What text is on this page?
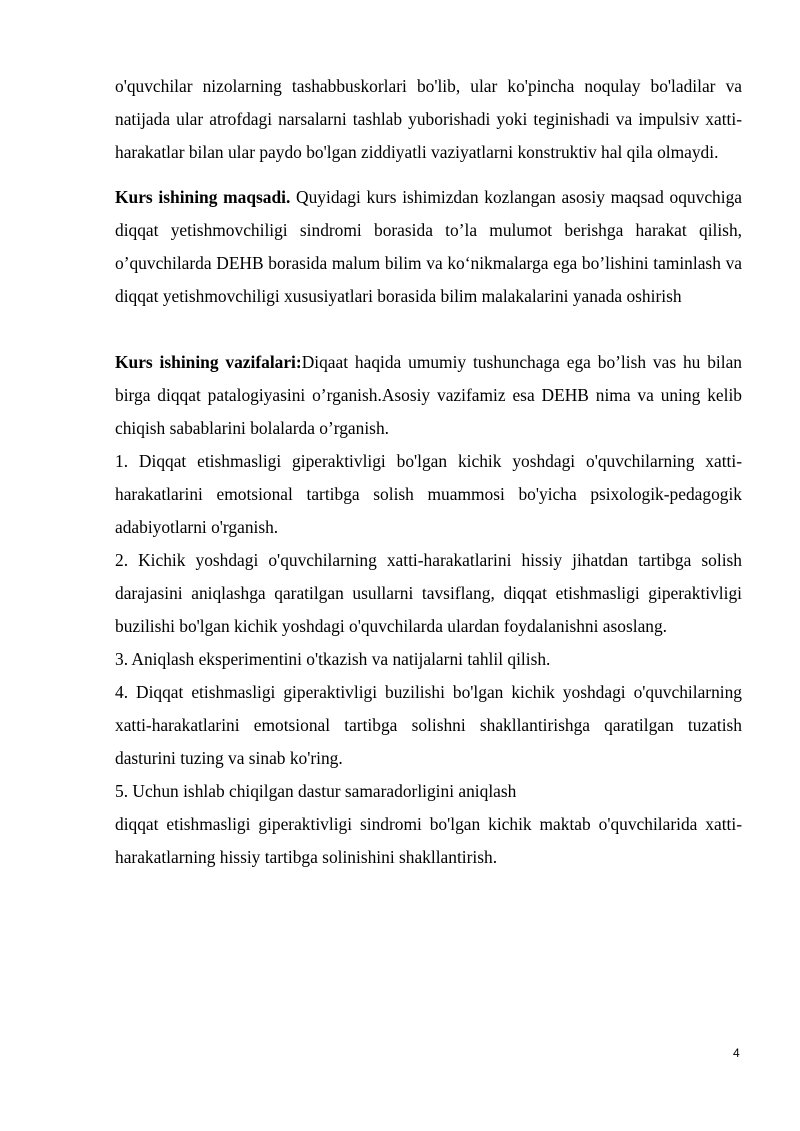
o'quvchilar nizolarning tashabbuskorlari bo'lib, ular ko'pincha noqulay bo'ladilar va natijada ular atrofdagi narsalarni tashlab yuborishadi yoki teginishadi va impulsiv xatti-harakatlar bilan ular paydo bo'lgan ziddiyatli vaziyatlarni konstruktiv hal qila olmaydi.

Kurs ishining maqsadi. Quyidagi kurs ishimizdan kozlangan asosiy maqsad oquvchiga diqqat yetishmovchiligi sindromi borasida to’la mulumot berishga harakat qilish, o’quvchilarda DEHB borasida malum bilim va ko‘nikmalarga ega bo’lishini taminlash va diqqat yetishmovchiligi xususiyatlari borasida bilim malakalarini yanada oshirish

Kurs ishining vazifalari:Diqaat haqida umumiy tushunchaga ega bo’lish vas hu bilan birga diqqat patalogiyasini o’rganish.Asosiy vazifamiz esa DEHB nima va uning kelib chiqish sabablarini bolalarda o’rganish.

1. Diqqat etishmasligi giperaktivligi bo'lgan kichik yoshdagi o'quvchilarning xatti-harakatlarini emotsional tartibga solish muammosi bo'yicha psixologik-pedagogik adabiyotlarni o'rganish.

2. Kichik yoshdagi o'quvchilarning xatti-harakatlarini hissiy jihatdan tartibga solish darajasini aniqlashga qaratilgan usullarni tavsiflang, diqqat etishmasligi giperaktivligi buzilishi bo'lgan kichik yoshdagi o'quvchilarda ulardan foydalanishni asoslang.

3. Aniqlash eksperimentini o'tkazish va natijalarni tahlil qilish.

4. Diqqat etishmasligi giperaktivligi buzilishi bo'lgan kichik yoshdagi o'quvchilarning xatti-harakatlarini emotsional tartibga solishni shakllantirishga qaratilgan tuzatish dasturini tuzing va sinab ko'ring.

5. Uchun ishlab chiqilgan dastur samaradorligini aniqlash

diqqat etishmasligi giperaktivligi sindromi bo'lgan kichik maktab o'quvchilarida xatti-harakatlarning hissiy tartibga solinishini shakllantirish.

4
